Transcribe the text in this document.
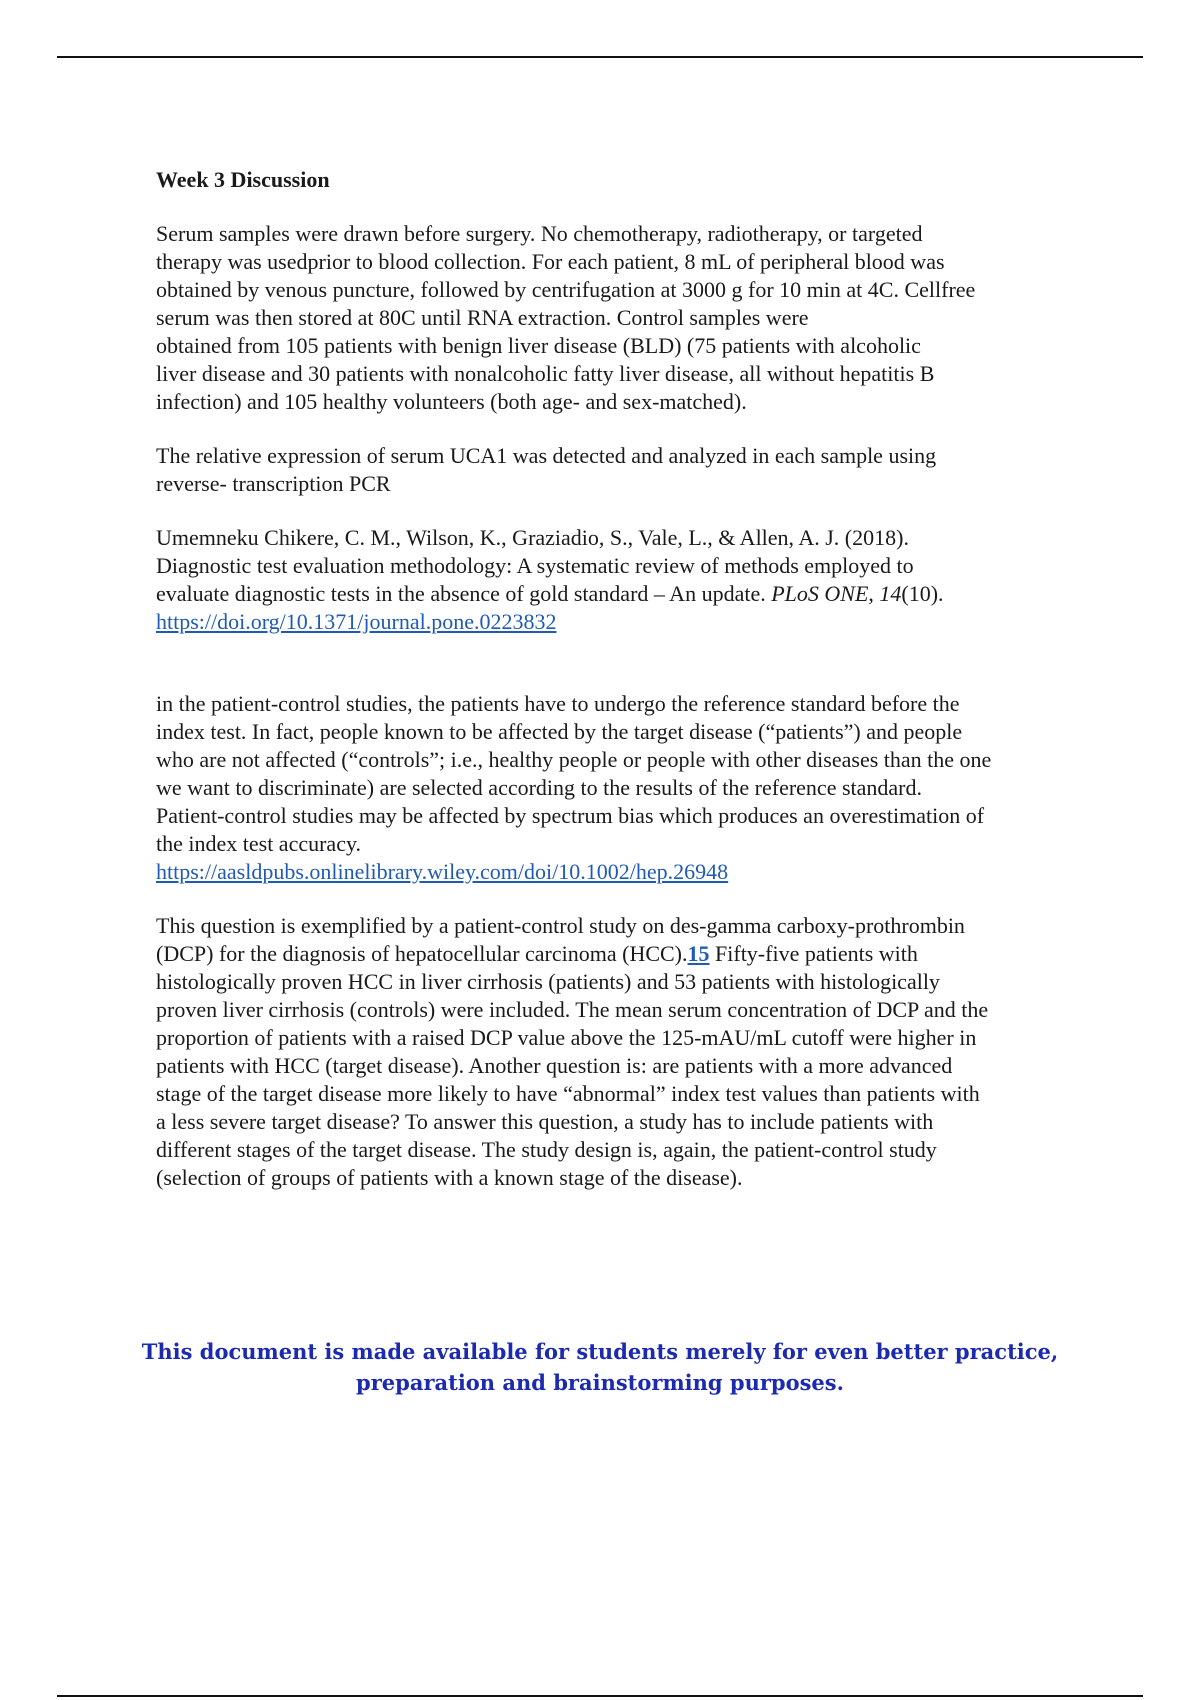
Week 3 Discussion
Serum samples were drawn before surgery. No chemotherapy, radiotherapy, or targeted
therapy was usedprior to blood collection. For each patient, 8 mL of peripheral blood was
obtained by venous puncture, followed by centrifugation at 3000 g for 10 min at 4C. Cellfree
serum was then stored at 80C until RNA extraction. Control samples were
obtained from 105 patients with benign liver disease (BLD) (75 patients with alcoholic
liver disease and 30 patients with nonalcoholic fatty liver disease, all without hepatitis B
infection) and 105 healthy volunteers (both age- and sex-matched).
The relative expression of serum UCA1 was detected and analyzed in each sample using
reverse- transcription PCR
Umemneku Chikere, C. M., Wilson, K., Graziadio, S., Vale, L., & Allen, A. J. (2018).
Diagnostic test evaluation methodology: A systematic review of methods employed to
evaluate diagnostic tests in the absence of gold standard – An update. PLoS ONE, 14(10).
https://doi.org/10.1371/journal.pone.0223832
in the patient-control studies, the patients have to undergo the reference standard before the
index test. In fact, people known to be affected by the target disease (“patients”) and people
who are not affected (“controls”; i.e., healthy people or people with other diseases than the one
we want to discriminate) are selected according to the results of the reference standard.
Patient-control studies may be affected by spectrum bias which produces an overestimation of
the index test accuracy.
https://aasldpubs.onlinelibrary.wiley.com/doi/10.1002/hep.26948
This question is exemplified by a patient-control study on des-gamma carboxy-prothrombin
(DCP) for the diagnosis of hepatocellular carcinoma (HCC).15 Fifty-five patients with
histologically proven HCC in liver cirrhosis (patients) and 53 patients with histologically
proven liver cirrhosis (controls) were included. The mean serum concentration of DCP and the
proportion of patients with a raised DCP value above the 125-mAU/mL cutoff were higher in
patients with HCC (target disease). Another question is: are patients with a more advanced
stage of the target disease more likely to have “abnormal” index test values than patients with
a less severe target disease? To answer this question, a study has to include patients with
different stages of the target disease. The study design is, again, the patient-control study
(selection of groups of patients with a known stage of the disease).
This document is made available for students merely for even better practice,
preparation and brainstorming purposes.
